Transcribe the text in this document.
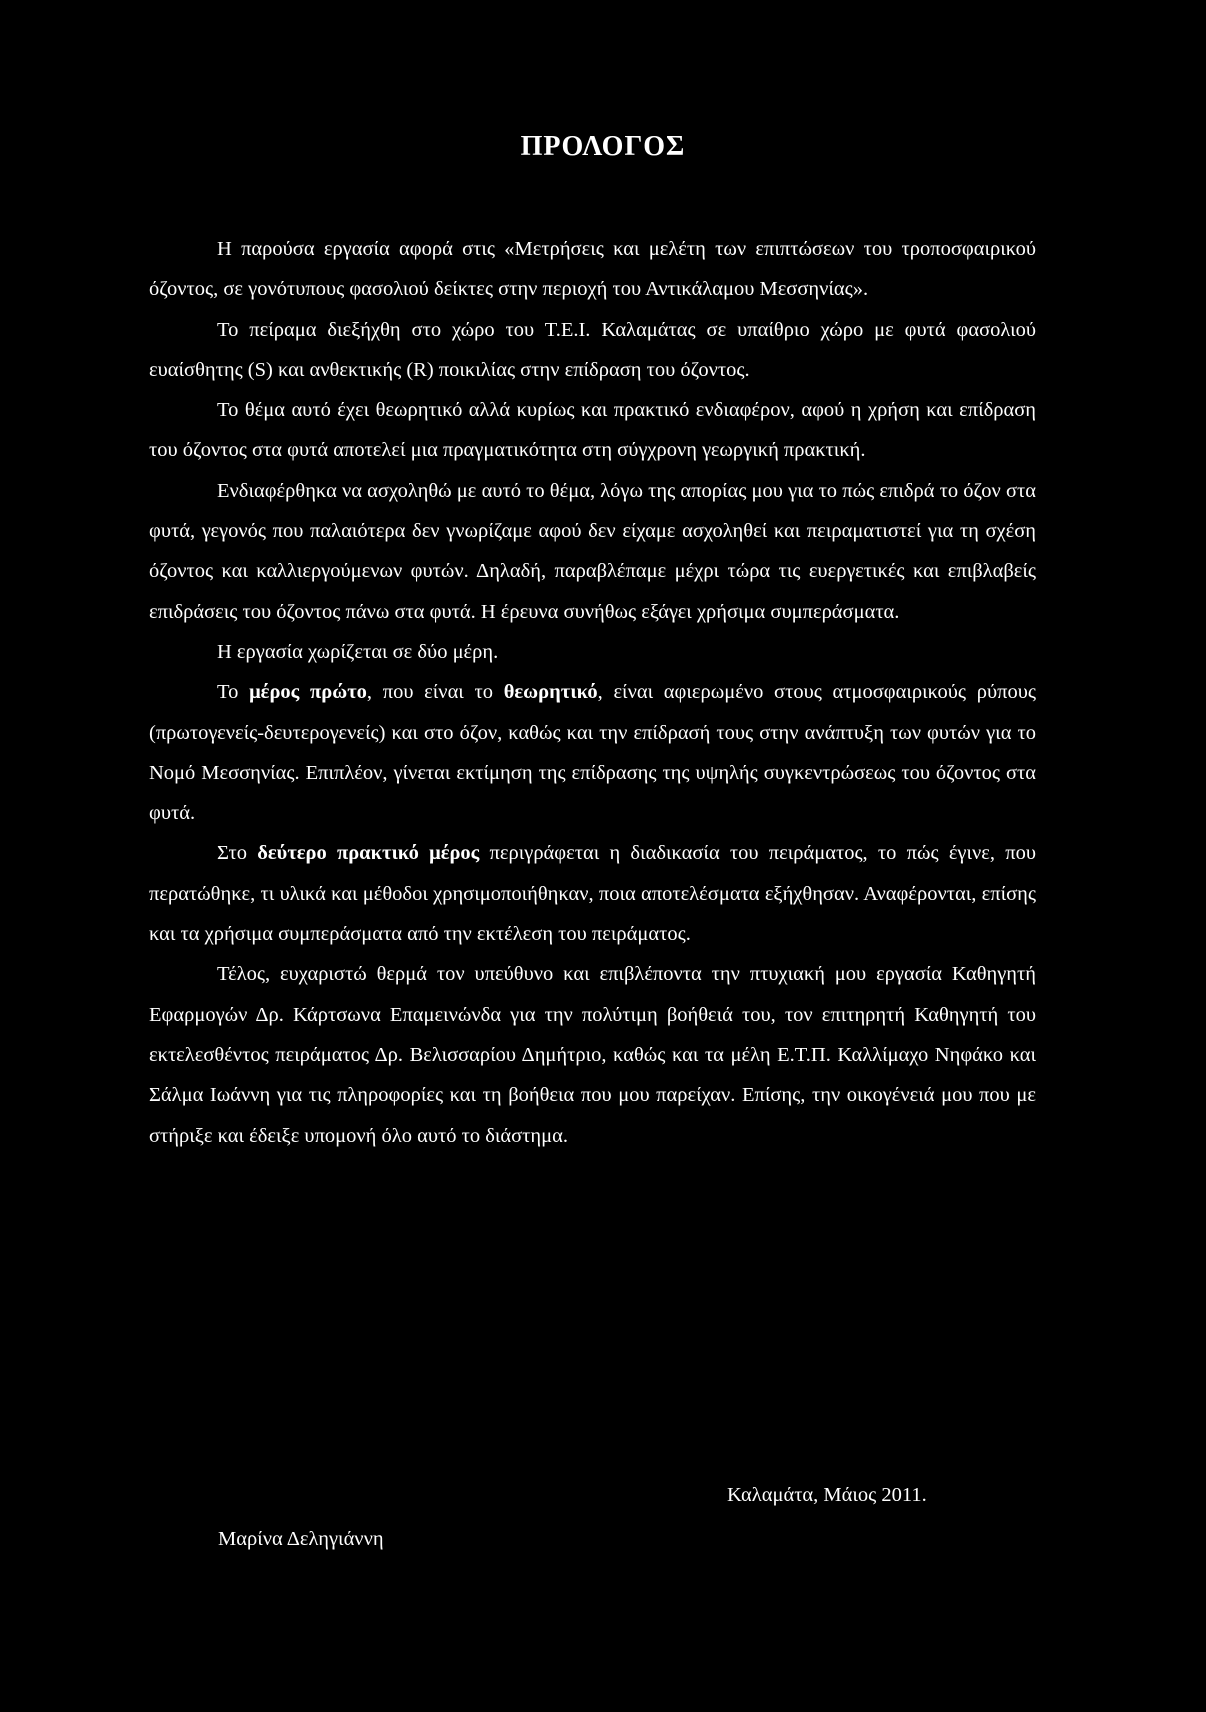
ΠΡΟΛΟΓΟΣ

Η παρούσα εργασία αφορά στις «Μετρήσεις και μελέτη των επιπτώσεων του τροποσφαιρικού όζοντος, σε γονότυπους φασολιού δείκτες στην περιοχή του Αντικάλαμου Μεσσηνίας».

Το πείραμα διεξήχθη στο χώρο του Τ.Ε.Ι. Καλαμάτας σε υπαίθριο χώρο με φυτά φασολιού ευαίσθητης (S) και ανθεκτικής (R) ποικιλίας στην επίδραση του όζοντος.

Το θέμα αυτό έχει θεωρητικό αλλά κυρίως και πρακτικό ενδιαφέρον, αφού η χρήση και επίδραση του όζοντος στα φυτά αποτελεί μια πραγματικότητα στη σύγχρονη γεωργική πρακτική.

Ενδιαφέρθηκα να ασχοληθώ με αυτό το θέμα, λόγω της απορίας μου για το πώς επιδρά το όζον στα φυτά, γεγονός που παλαιότερα δεν γνωρίζαμε αφού δεν είχαμε ασχοληθεί και πειραματιστεί για τη σχέση όζοντος και καλλιεργούμενων φυτών. Δηλαδή, παραβλέπαμε μέχρι τώρα τις ευεργετικές και επιβλαβείς επιδράσεις του όζοντος πάνω στα φυτά. Η έρευνα συνήθως εξάγει χρήσιμα συμπεράσματα.

Η εργασία χωρίζεται σε δύο μέρη.

Το μέρος πρώτο, που είναι το θεωρητικό, είναι αφιερωμένο στους ατμοσφαιρικούς ρύπους (πρωτογενείς-δευτερογενείς) και στο όζον, καθώς και την επίδρασή τους στην ανάπτυξη των φυτών για το Νομό Μεσσηνίας. Επιπλέον, γίνεται εκτίμηση της επίδρασης της υψηλής συγκεντρώσεως του όζοντος στα φυτά.

Στο δεύτερο πρακτικό μέρος περιγράφεται η διαδικασία του πειράματος, το πώς έγινε, που περατώθηκε, τι υλικά και μέθοδοι χρησιμοποιήθηκαν, ποια αποτελέσματα εξήχθησαν. Αναφέρονται, επίσης και τα χρήσιμα συμπεράσματα από την εκτέλεση του πειράματος.

Τέλος, ευχαριστώ θερμά τον υπεύθυνο και επιβλέποντα την πτυχιακή μου εργασία Καθηγητή Εφαρμογών Δρ. Κάρτσωνα Επαμεινώνδα για την πολύτιμη βοήθειά του, τον επιτηρητή Καθηγητή του εκτελεσθέντος πειράματος Δρ. Βελισσαρίου Δημήτριο, καθώς και τα μέλη Ε.Τ.Π. Καλλίμαχο Νηφάκο και Σάλμα Ιωάννη για τις πληροφορίες και τη βοήθεια που μου παρείχαν. Επίσης, την οικογένειά μου που με στήριξε και έδειξε υπομονή όλο αυτό το διάστημα.

Καλαμάτα, Μάιος 2011.
Μαρίνα Δεληγιάννη
